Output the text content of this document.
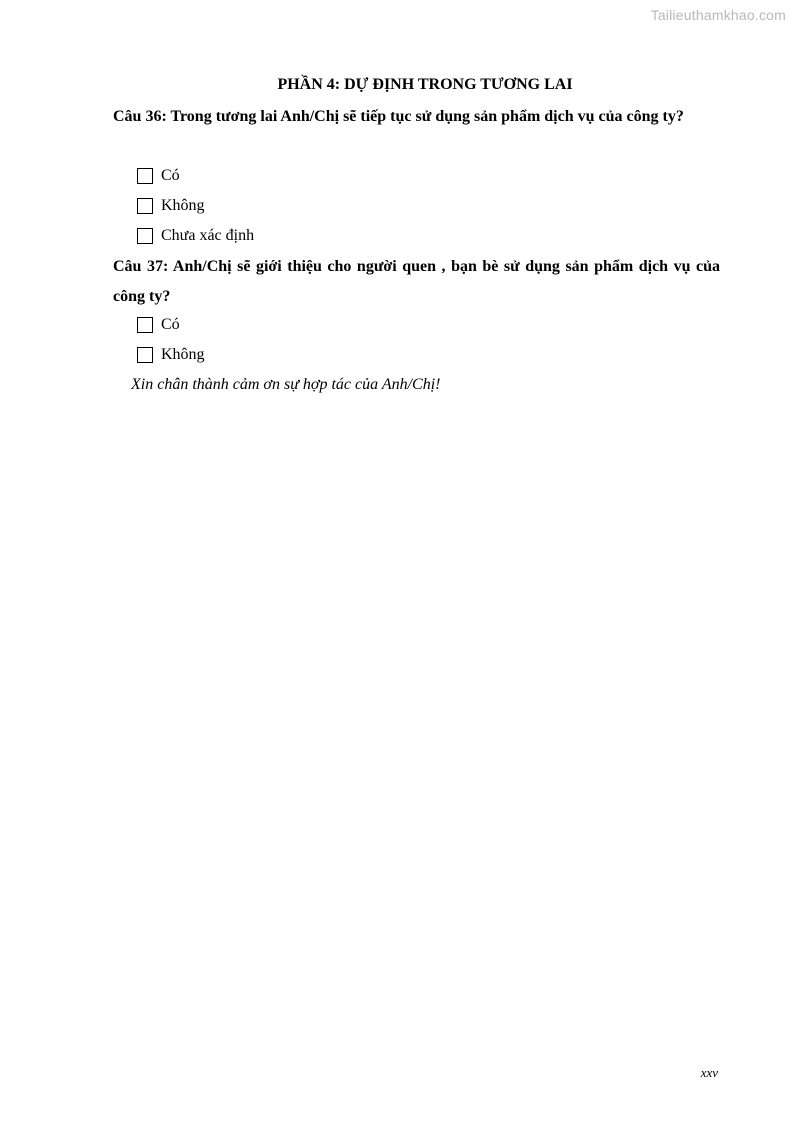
Tailieuthamkhao.com
PHẦN 4: DỰ ĐỊNH TRONG TƯƠNG LAI
Câu 36: Trong tương lai Anh/Chị sẽ tiếp tục sử dụng sản phẩm dịch vụ của công ty?
Có
Không
Chưa xác định
Câu 37: Anh/Chị sẽ giới thiệu cho người quen , bạn bè sử dụng sản phẩm dịch vụ của công ty?
Có
Không
Xin chân thành cảm ơn sự hợp tác của Anh/Chị!
xxv
